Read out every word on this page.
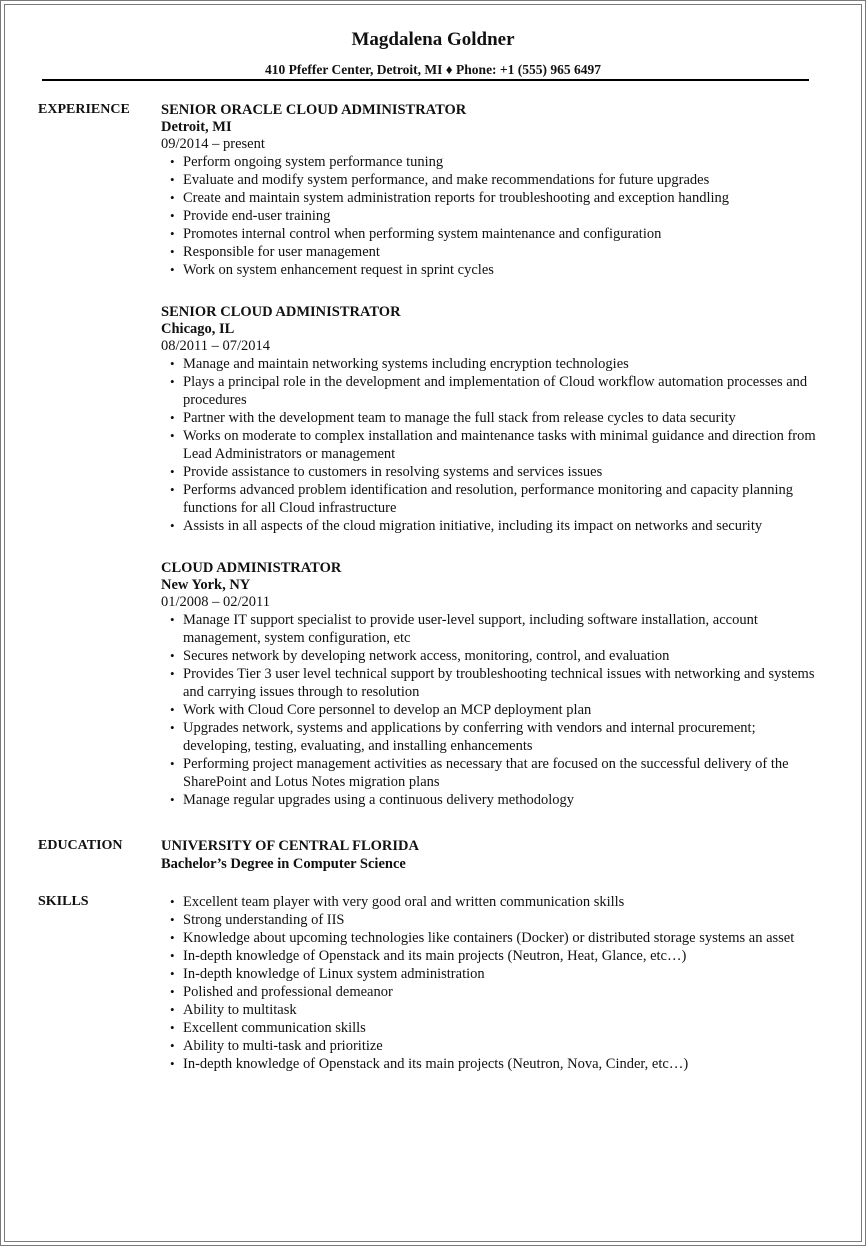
Magdalena Goldner
410 Pfeffer Center, Detroit, MI ♦ Phone: +1 (555) 965 6497
EXPERIENCE SENIOR ORACLE CLOUD ADMINISTRATOR
Detroit, MI
09/2014 – present
• Perform ongoing system performance tuning
• Evaluate and modify system performance, and make recommendations for future upgrades
• Create and maintain system administration reports for troubleshooting and exception handling
• Provide end-user training
• Promotes internal control when performing system maintenance and configuration
• Responsible for user management
• Work on system enhancement request in sprint cycles
SENIOR CLOUD ADMINISTRATOR
Chicago, IL
08/2011 – 07/2014
• Manage and maintain networking systems including encryption technologies
• Plays a principal role in the development and implementation of Cloud workflow automation processes and procedures
• Partner with the development team to manage the full stack from release cycles to data security
• Works on moderate to complex installation and maintenance tasks with minimal guidance and direction from Lead Administrators or management
• Provide assistance to customers in resolving systems and services issues
• Performs advanced problem identification and resolution, performance monitoring and capacity planning functions for all Cloud infrastructure
• Assists in all aspects of the cloud migration initiative, including its impact on networks and security
CLOUD ADMINISTRATOR
New York, NY
01/2008 – 02/2011
• Manage IT support specialist to provide user-level support, including software installation, account management, system configuration, etc
• Secures network by developing network access, monitoring, control, and evaluation
• Provides Tier 3 user level technical support by troubleshooting technical issues with networking and systems and carrying issues through to resolution
• Work with Cloud Core personnel to develop an MCP deployment plan
• Upgrades network, systems and applications by conferring with vendors and internal procurement; developing, testing, evaluating, and installing enhancements
• Performing project management activities as necessary that are focused on the successful delivery of the SharePoint and Lotus Notes migration plans
• Manage regular upgrades using a continuous delivery methodology
EDUCATION	UNIVERSITY OF CENTRAL FLORIDA
Bachelor’s Degree in Computer Science
SKILLS	• Excellent team player with very good oral and written communication skills
• Strong understanding of IIS
• Knowledge about upcoming technologies like containers (Docker) or distributed storage systems an asset
• In-depth knowledge of Openstack and its main projects (Neutron, Heat, Glance, etc…)
• In-depth knowledge of Linux system administration
• Polished and professional demeanor
• Ability to multitask
• Excellent communication skills
• Ability to multi-task and prioritize
• In-depth knowledge of Openstack and its main projects (Neutron, Nova, Cinder, etc…)
